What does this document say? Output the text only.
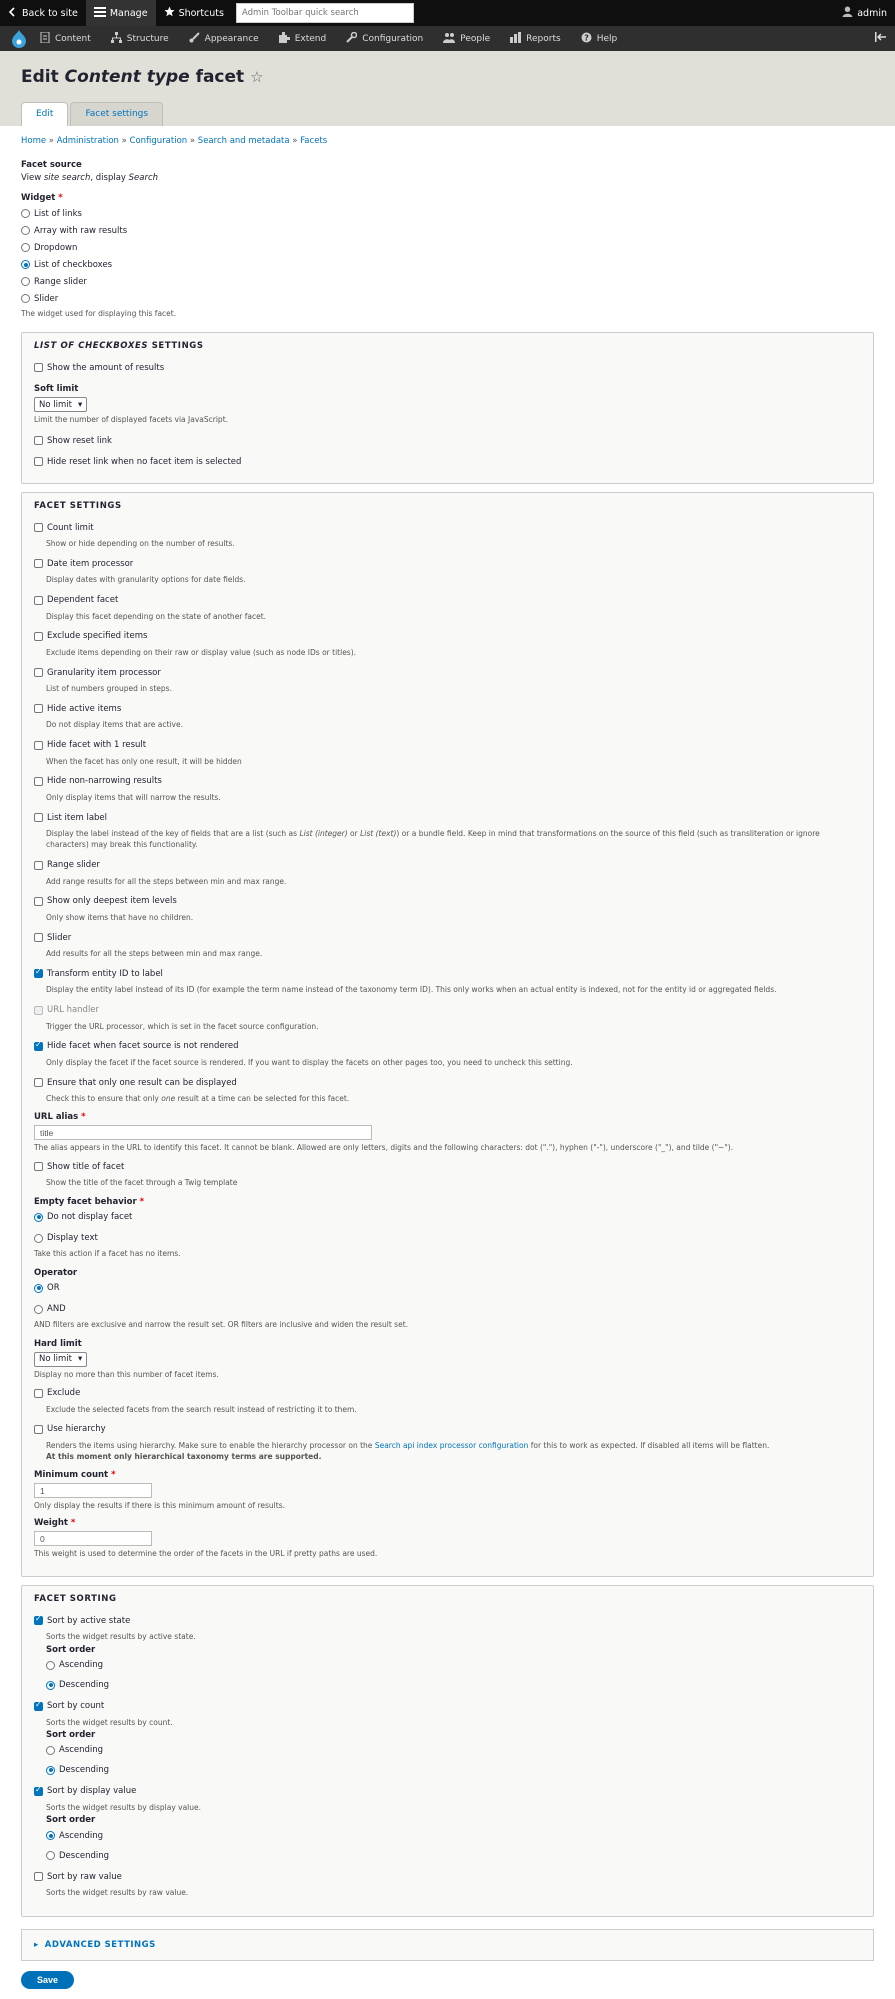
Back to site	Manage	Shortcuts
Admin Toolbar quick search	admin
Content	Structure	Appearance	Extend	Configuration	People	Reports	? Help
Edit Content type facet ☆
Edit	Facet settings
Home » Administration » Configuration » Search and metadata » Facets
Facet source
View site search, display Search
Widget *
List of links
Array with raw results
Dropdown
List of checkboxes
Range slider
Slider
The widget used for displaying this facet.
LIST OF CHECKBOXES SETTINGS
Show the amount of results
Soft limit
No limit ▾
Limit the number of displayed facets via JavaScript.
Show reset link
Hide reset link when no facet item is selected
FACET SETTINGS
Count limit
Show or hide depending on the number of results.
Date item processor
Display dates with granularity options for date fields.
Dependent facet
Display this facet depending on the state of another facet.
Exclude specified items
Exclude items depending on their raw or display value (such as node IDs or titles).
Granularity item processor
List of numbers grouped in steps.
Hide active items
Do not display items that are active.
Hide facet with 1 result
When the facet has only one result, it will be hidden
Hide non-narrowing results
Only display items that will narrow the results.
List item label
Display the label instead of the key of fields that are a list (such as List (integer) or List (text)) or a bundle field. Keep in mind that transformations on the source of this field (such as transliteration or ignore characters) may break this functionality.
Range slider
Add range results for all the steps between min and max range.
Show only deepest item levels
Only show items that have no children.
Slider
Add results for all the steps between min and max range.
✓
Transform entity ID to label
Display the entity label instead of its ID (for example the term name instead of the taxonomy term ID). This only works when an actual entity is indexed, not for the entity id or aggregated fields.
URL handler
Trigger the URL processor, which is set in the facet source configuration.
✓
Hide facet when facet source is not rendered
Only display the facet if the facet source is rendered. If you want to display the facets on other pages too, you need to uncheck this setting.
Ensure that only one result can be displayed
Check this to ensure that only one result at a time can be selected for this facet.
URL alias *
title
The alias appears in the URL to identify this facet. It cannot be blank. Allowed are only letters, digits and the following characters: dot ("."), hyphen ("-"), underscore ("_"), and tilde ("~").
Show title of facet
Show the title of the facet through a Twig template
Empty facet behavior *
Do not display facet
Display text
Take this action if a facet has no items.
Operator
OR
AND
AND filters are exclusive and narrow the result set. OR filters are inclusive and widen the result set.
Hard limit
No limit ▾
Display no more than this number of facet items.
Exclude
Exclude the selected facets from the search result instead of restricting it to them.
Use hierarchy
Renders the items using hierarchy. Make sure to enable the hierarchy processor on the Search api index processor configuration for this to work as expected. If disabled all items will be flatten.
At this moment only hierarchical taxonomy terms are supported.
Minimum count *
1
Only display the results if there is this minimum amount of results.
Weight *
0
This weight is used to determine the order of the facets in the URL if pretty paths are used.
FACET SORTING
✓
Sort by active state
Sorts the widget results by active state.
Sort order
Ascending
Descending
✓
Sort by count
Sorts the widget results by count.
Sort order
Ascending
Descending
✓
Sort by display value
Sorts the widget results by display value.
Sort order
Ascending
Descending
Sort by raw value
Sorts the widget results by raw value.
▸ ADVANCED SETTINGS
Save
